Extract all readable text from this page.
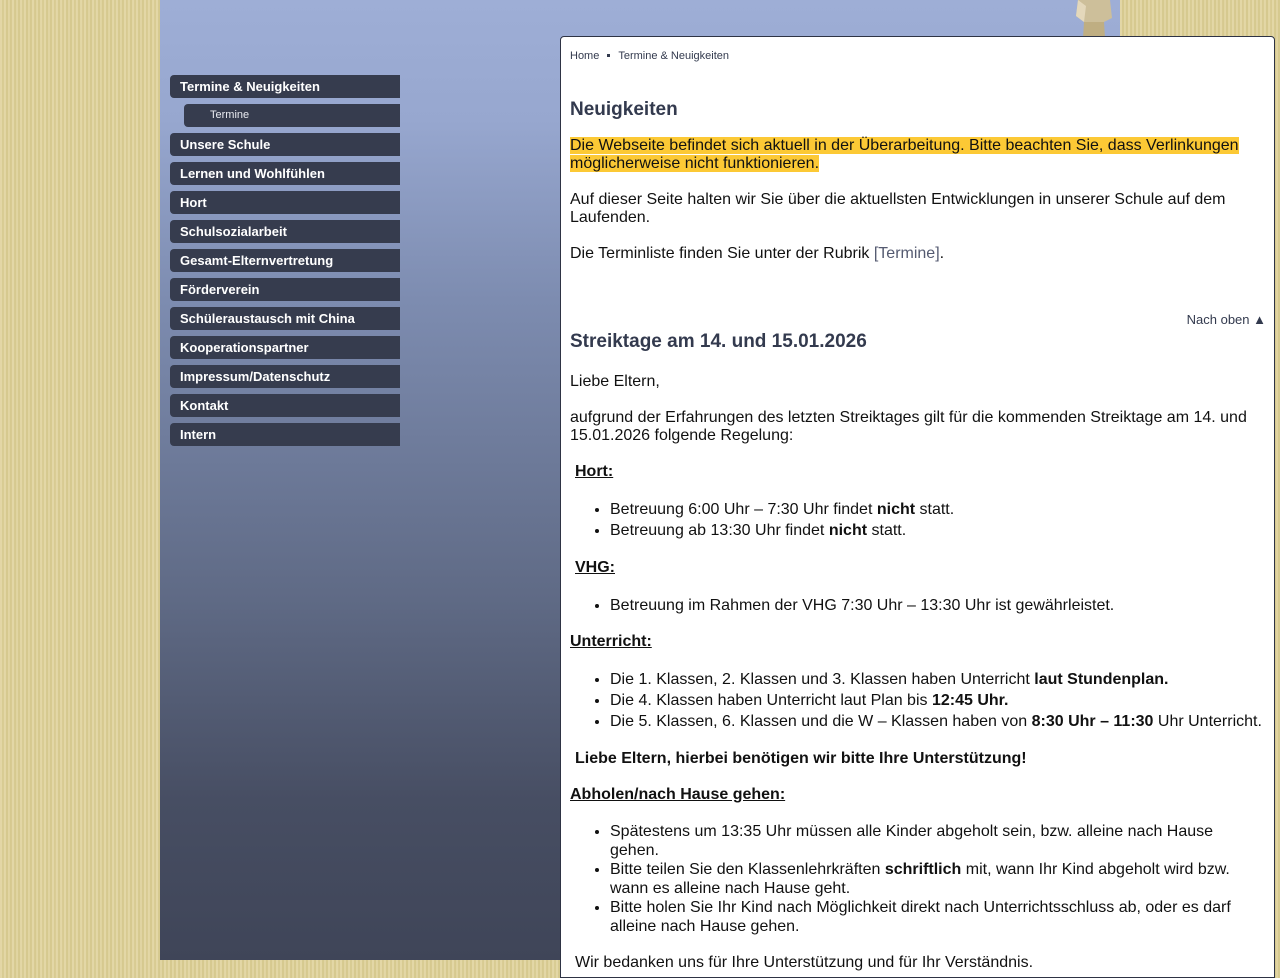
Termine & Neuigkeiten
Termine
Unsere Schule
Lernen und Wohlfühlen
Hort
Schulsozialarbeit
Gesamt-Elternvertretung
Förderverein
Schüleraustausch mit China
Kooperationspartner
Impressum/Datenschutz
Kontakt
Intern
Home Termine & Neuigkeiten
Neuigkeiten

Die Webseite befindet sich aktuell in der Überarbeitung. Bitte beachten Sie, dass Verlinkungen möglicherweise nicht funktionieren.

Auf dieser Seite halten wir Sie über die aktuellsten Entwicklungen in unserer Schule auf dem Laufenden.

Die Terminliste finden Sie unter der Rubrik [Termine].

Nach oben ▲
Streiktage am 14. und 15.01.2026

Liebe Eltern,

aufgrund der Erfahrungen des letzten Streiktages gilt für die kommenden Streiktage am 14. und 15.01.2026 folgende Regelung:

Hort:

• Betreuung 6:00 Uhr – 7:30 Uhr findet nicht statt.
• Betreuung ab 13:30 Uhr findet nicht statt.

VHG:

• Betreuung im Rahmen der VHG 7:30 Uhr – 13:30 Uhr ist gewährleistet.

Unterricht:

• Die 1. Klassen, 2. Klassen und 3. Klassen haben Unterricht laut Stundenplan.
• Die 4. Klassen haben Unterricht laut Plan bis 12:45 Uhr.
• Die 5. Klassen, 6. Klassen und die W – Klassen haben von 8:30 Uhr – 11:30 Uhr Unterricht.

Liebe Eltern, hierbei benötigen wir bitte Ihre Unterstützung!

Abholen/nach Hause gehen:

• Spätestens um 13:35 Uhr müssen alle Kinder abgeholt sein, bzw. alleine nach Hause gehen.
• Bitte teilen Sie den Klassenlehrkräften schriftlich mit, wann Ihr Kind abgeholt wird bzw. wann es alleine nach Hause geht.
• Bitte holen Sie Ihr Kind nach Möglichkeit direkt nach Unterrichtsschluss ab, oder es darf alleine nach Hause gehen.

Wir bedanken uns für Ihre Unterstützung und für Ihr Verständnis.
